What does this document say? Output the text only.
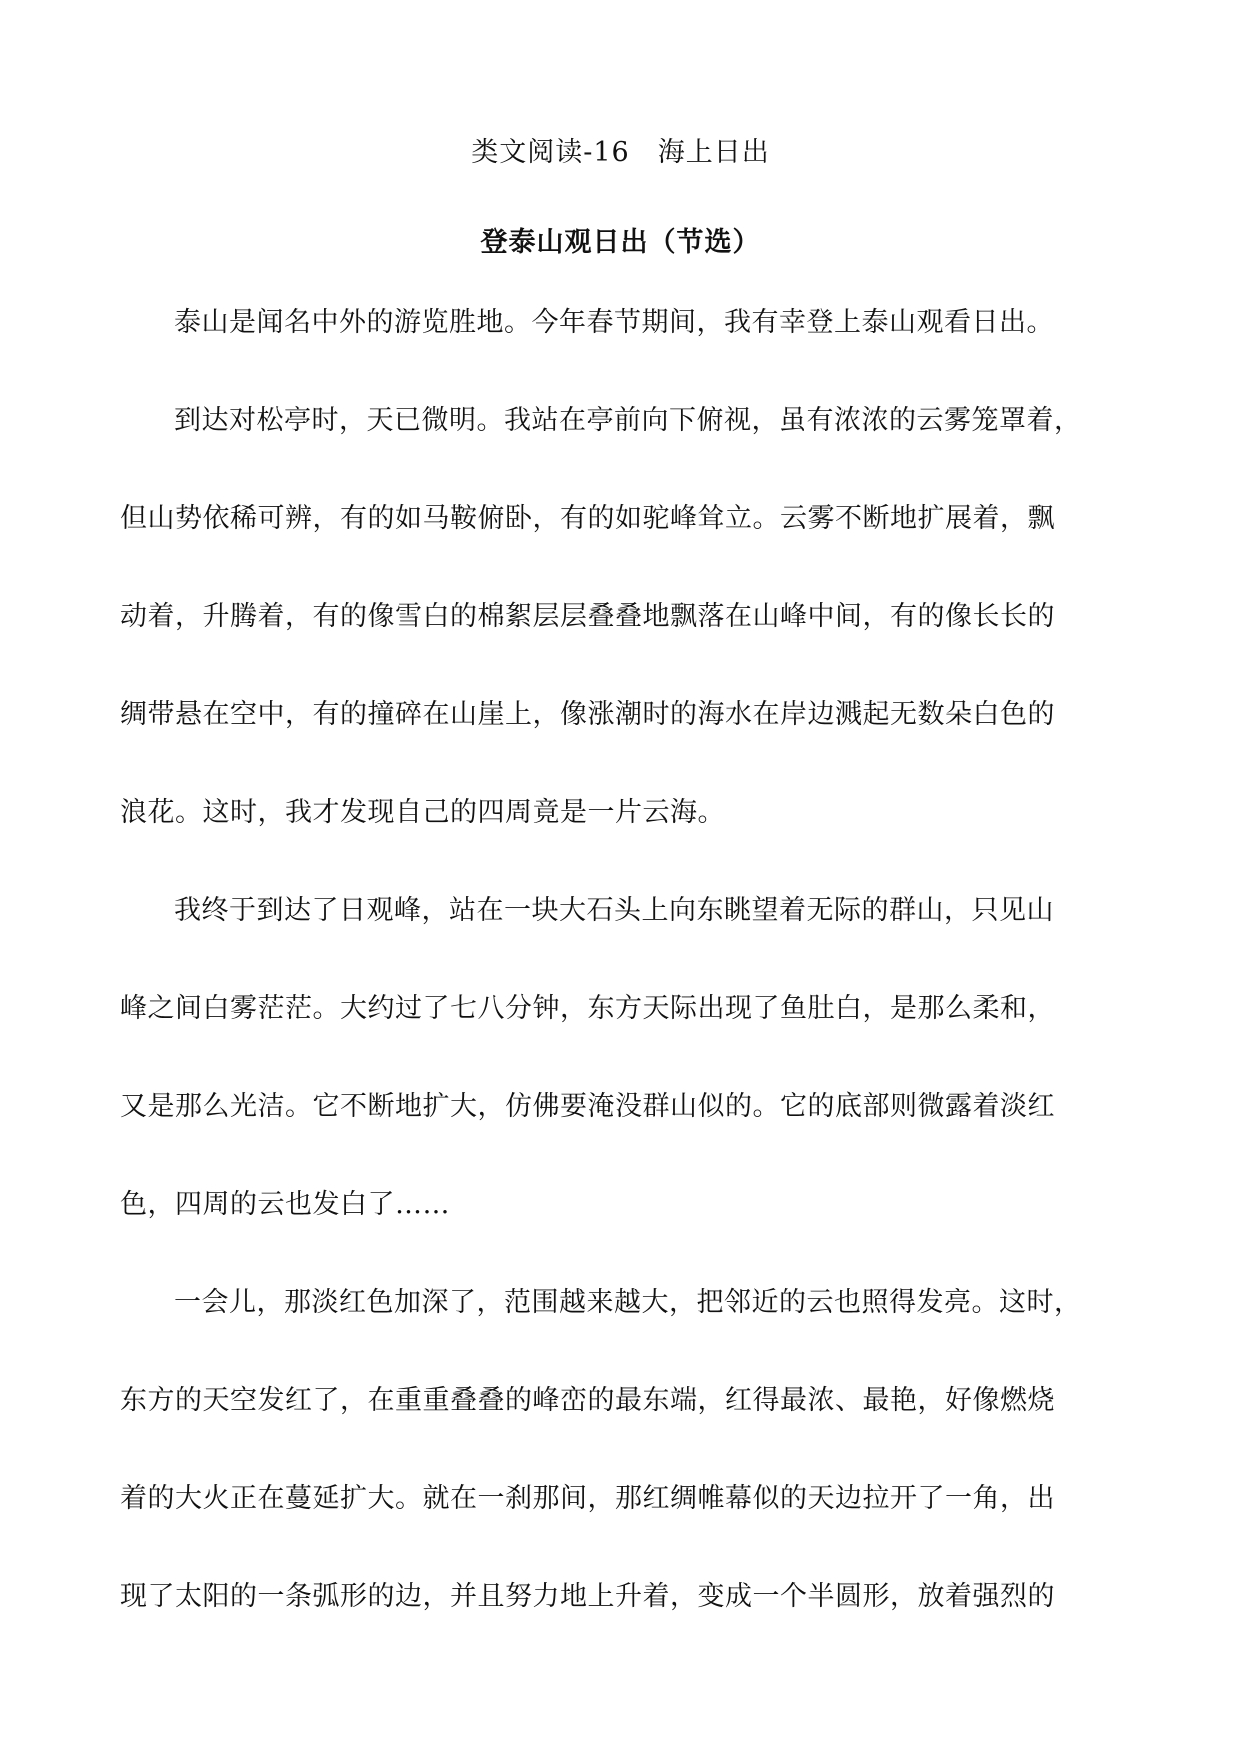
类文阅读-16　海上日出
登泰山观日出（节选）
泰山是闻名中外的游览胜地。今年春节期间，我有幸登上泰山观看日出。
到达对松亭时，天已微明。我站在亭前向下俯视，虽有浓浓的云雾笼罩着，
但山势依稀可辨，有的如马鞍俯卧，有的如驼峰耸立。云雾不断地扩展着，飘
动着，升腾着，有的像雪白的棉絮层层叠叠地飘落在山峰中间，有的像长长的
绸带悬在空中，有的撞碎在山崖上，像涨潮时的海水在岸边溅起无数朵白色的
浪花。这时，我才发现自己的四周竟是一片云海。
我终于到达了日观峰，站在一块大石头上向东眺望着无际的群山，只见山
峰之间白雾茫茫。大约过了七八分钟，东方天际出现了鱼肚白，是那么柔和，
又是那么光洁。它不断地扩大，仿佛要淹没群山似的。它的底部则微露着淡红
色，四周的云也发白了……
一会儿，那淡红色加深了，范围越来越大，把邻近的云也照得发亮。这时，
东方的天空发红了，在重重叠叠的峰峦的最东端，红得最浓、最艳，好像燃烧
着的大火正在蔓延扩大。就在一刹那间，那红绸帷幕似的天边拉开了一角，出
现了太阳的一条弧形的边，并且努力地上升着，变成一个半圆形，放着强烈的
